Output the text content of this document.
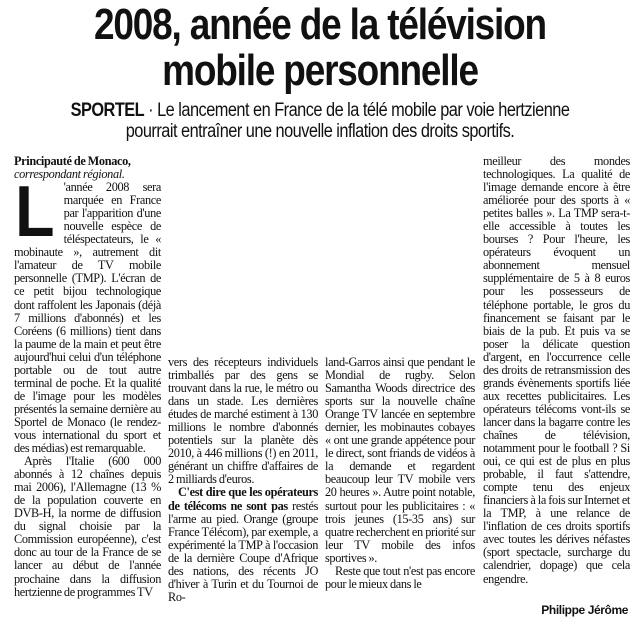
2008, année de la télévision
mobile personnelle
SPORTEL · Le lancement en France de la télé mobile par voie hertzienne
pourrait entraîner une nouvelle inflation des droits sportifs.

Principauté de Monaco,

correspondant régional.

L 'année 2008 sera marquée en France par l'apparition d'une nouvelle espèce de téléspectateurs, le « mobinaute », autrement dit l'amateur de TV mobile personnelle (TMP). L'écran de ce petit bijou technologique dont raffolent les Japonais (déjà 7 millions d'abonnés) et les Coréens (6 millions) tient dans la paume de la main et peut être aujourd'hui celui d'un téléphone portable ou de tout autre terminal de poche. Et la qualité de l'image pour les modèles présentés la semaine dernière au Sportel de Monaco (le rendez-vous international du sport et des médias) est remarquable.

Après l'Italie (600 000 abonnés à 12 chaînes depuis mai 2006), l'Allemagne (13 % de la population couverte en DVB-H, la norme de diffusion du signal choisie par la Commission européenne), c'est donc au tour de la France de se lancer au début de l'année prochaine dans la diffusion hertzienne de programmes TV

vers des récepteurs individuels trimballés par des gens se trouvant dans la rue, le métro ou dans un stade. Les dernières études de marché estiment à 130 millions le nombre d'abonnés potentiels sur la planète dès 2010, à 446 millions (!) en 2011, générant un chiffre d'affaires de 2 milliards d'euros.

C'est dire que les opérateurs de télécoms ne sont pas restés l'arme au pied. Orange (groupe France Télécom), par exemple, a expérimenté la TMP à l'occasion de la dernière Coupe d'Afrique des nations, des récents JO d'hiver à Turin et du Tournoi de Ro-

land-Garros ainsi que pendant le Mondial de rugby. Selon Samantha Woods directrice des sports sur la nouvelle chaîne Orange TV lancée en septembre dernier, les mobinautes cobayes « ont une grande appétence pour le direct, sont friands de vidéos à la demande et regardent beaucoup leur TV mobile vers 20 heures ». Autre point notable, surtout pour les publicitaires : « trois jeunes (15-35 ans) sur quatre recherchent en priorité sur leur TV mobile des infos sportives ».

Reste que tout n'est pas encore pour le mieux dans le

meilleur des mondes technologiques. La qualité de l'image demande encore à être améliorée pour des sports à « petites balles ». La TMP sera-t-elle accessible à toutes les bourses ? Pour l'heure, les opérateurs évoquent un abonnement mensuel supplémentaire de 5 à 8 euros pour les possesseurs de téléphone portable, le gros du financement se faisant par le biais de la pub. Et puis va se poser la délicate question d'argent, en l'occurrence celle des droits de retransmission des grands évènements sportifs liée aux recettes publicitaires. Les opérateurs télécoms vont-ils se lancer dans la bagarre contre les chaînes de télévision, notamment pour le football ? Si oui, ce qui est de plus en plus probable, il faut s'attendre, compte tenu des enjeux financiers à la fois sur Internet et la TMP, à une relance de l'inflation de ces droits sportifs avec toutes les dérives néfastes (sport spectacle, surcharge du calendrier, dopage) que cela engendre.

Philippe Jérôme
